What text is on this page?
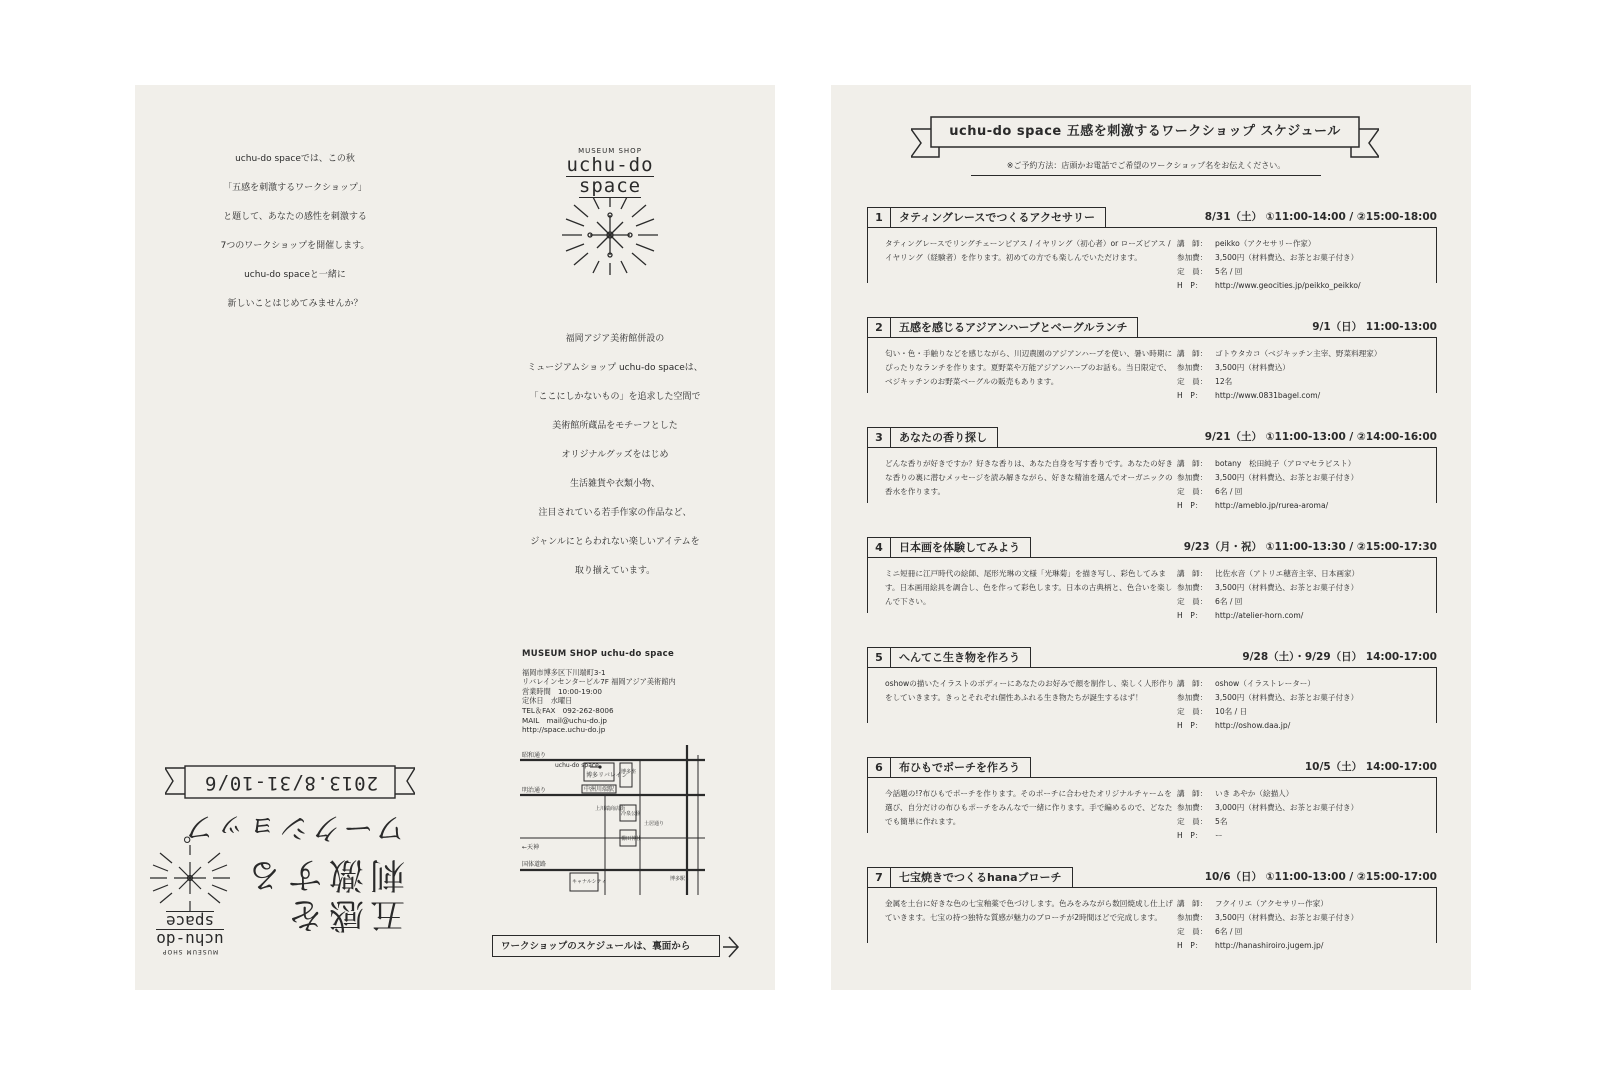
uchu-do spaceでは、この秋
「五感を刺激するワークショップ」
と題して、あなたの感性を刺激する
7つのワークショップを開催します。
uchu-do spaceと一緒に
新しいことはじめてみませんか？
MUSEUM SHOP
uchu-do
space
福岡アジア美術館併設の
ミュージアムショップ uchu-do spaceは、
「ここにしかないもの」を追求した空間で
美術館所蔵品をモチーフとした
オリジナルグッズをはじめ
生活雑貨や衣類小物、
注目されている若手作家の作品など、
ジャンルにとらわれない楽しいアイテムを
取り揃えています。
MUSEUM SHOP uchu-do space
福岡市博多区下川端町3-1
リバレインセンタービル7F 福岡アジア美術館内
営業時間　10:00-19:00
定休日　水曜日
TEL＆FAX　092-262-8006
MAIL　mail@uchu-do.jp
http://space.uchu-do.jp
昭和通り
uchu-do space
博多リバレイン
博多座
中洲川端駅
明治通り
冷泉公園
上川端商店街
櫛田神社
土居通り
←天神
国体道路
キャナルシティ	博多駅↓
ワークショップのスケジュールは、裏面から
2013.8/31-10/6
五感を
刺激する
ワークショップ
MUSEUM SHOP
uchu-do
space
uchu-do space 五感を刺激するワークショップ スケジュール
※ご予約方法：店頭かお電話でご希望のワークショップ名をお伝えください。
1	タティングレースでつくるアクセサリー	8/31（土） ①11:00-14:00 / ②15:00-18:00
タティングレースでリングチェーンピアス / イヤリング（初心者）or ローズピアス / イヤリング（経験者）を作ります。初めての方でも楽しんでいただけます。
講　師： peikko（アクセサリー作家）
参加費： 3,500円（材料費込、お茶とお菓子付き）
定　員： 5名 / 回
H　P： http://www.geocities.jp/peikko_peikko/
2	五感を感じるアジアンハーブとベーグルランチ	9/1（日） 11:00-13:00
匂い・色・手触りなどを感じながら、川辺農園のアジアンハーブを使い、暑い時期にぴったりなランチを作ります。夏野菜や万能アジアンハーブのお話も。当日限定で、ベジキッチンのお野菜ベーグルの販売もあります。
講　師： ゴトウタカコ（ベジキッチン主宰、野菜料理家）
参加費： 3,500円（材料費込）
定　員： 12名
H　P： http://www.0831bagel.com/
3	あなたの香り探し	9/21（土） ①11:00-13:00 / ②14:00-16:00
どんな香りが好きですか？好きな香りは、あなた自身を写す香りです。あなたの好きな香りの裏に潜むメッセージを読み解きながら、好きな精油を選んでオーガニックの香水を作ります。
講　師： botany　松田純子（アロマセラピスト）
参加費： 3,500円（材料費込、お茶とお菓子付き）
定　員： 6名 / 回
H　P： http://ameblo.jp/rurea-aroma/
4	日本画を体験してみよう	9/23（月・祝） ①11:00-13:30 / ②15:00-17:30
ミニ短冊に江戸時代の絵師、尾形光琳の文様「光琳菊」を描き写し、彩色してみます。日本画用絵具を調合し、色を作って彩色します。日本の古典柄と、色合いを楽しんで下さい。
講　師： 比佐水音（アトリエ穂音主宰、日本画家）
参加費： 3,500円（材料費込、お茶とお菓子付き）
定　員： 6名 / 回
H　P： http://atelier-horn.com/
5	へんてこ生き物を作ろう	9/28（土）・9/29（日） 14:00-17:00
oshowの描いたイラストのボディーにあなたのお好みで顔を制作し、楽しく人形作りをしていきます。きっとそれぞれ個性あふれる生き物たちが誕生するはず！
講　師： oshow（イラストレーター）
参加費： 3,500円（材料費込、お茶とお菓子付き）
定　員： 10名 / 日
H　P： http://oshow.daa.jp/
6	布ひもでポーチを作ろう	10/5（土） 14:00-17:00
今話題の!?布ひもでポーチを作ります。そのポーチに合わせたオリジナルチャームを選び、自分だけの布ひもポーチをみんなで一緒に作ります。手で編めるので、どなたでも簡単に作れます。
講　師： いき あやか（絵描人）
参加費： 3,000円（材料費込、お茶とお菓子付き）
定　員： 5名
H　P： ー
7	七宝焼きでつくるhanaブローチ	10/6（日） ①11:00-13:00 / ②15:00-17:00
金属を土台に好きな色の七宝釉薬で色づけします。色みをみながら数回焼成し仕上げていきます。七宝の持つ独特な質感が魅力のブローチが2時間ほどで完成します。
講　師： フクイリエ（アクセサリー作家）
参加費： 3,500円（材料費込、お茶とお菓子付き）
定　員： 6名 / 回
H　P： http://hanashiroiro.jugem.jp/
